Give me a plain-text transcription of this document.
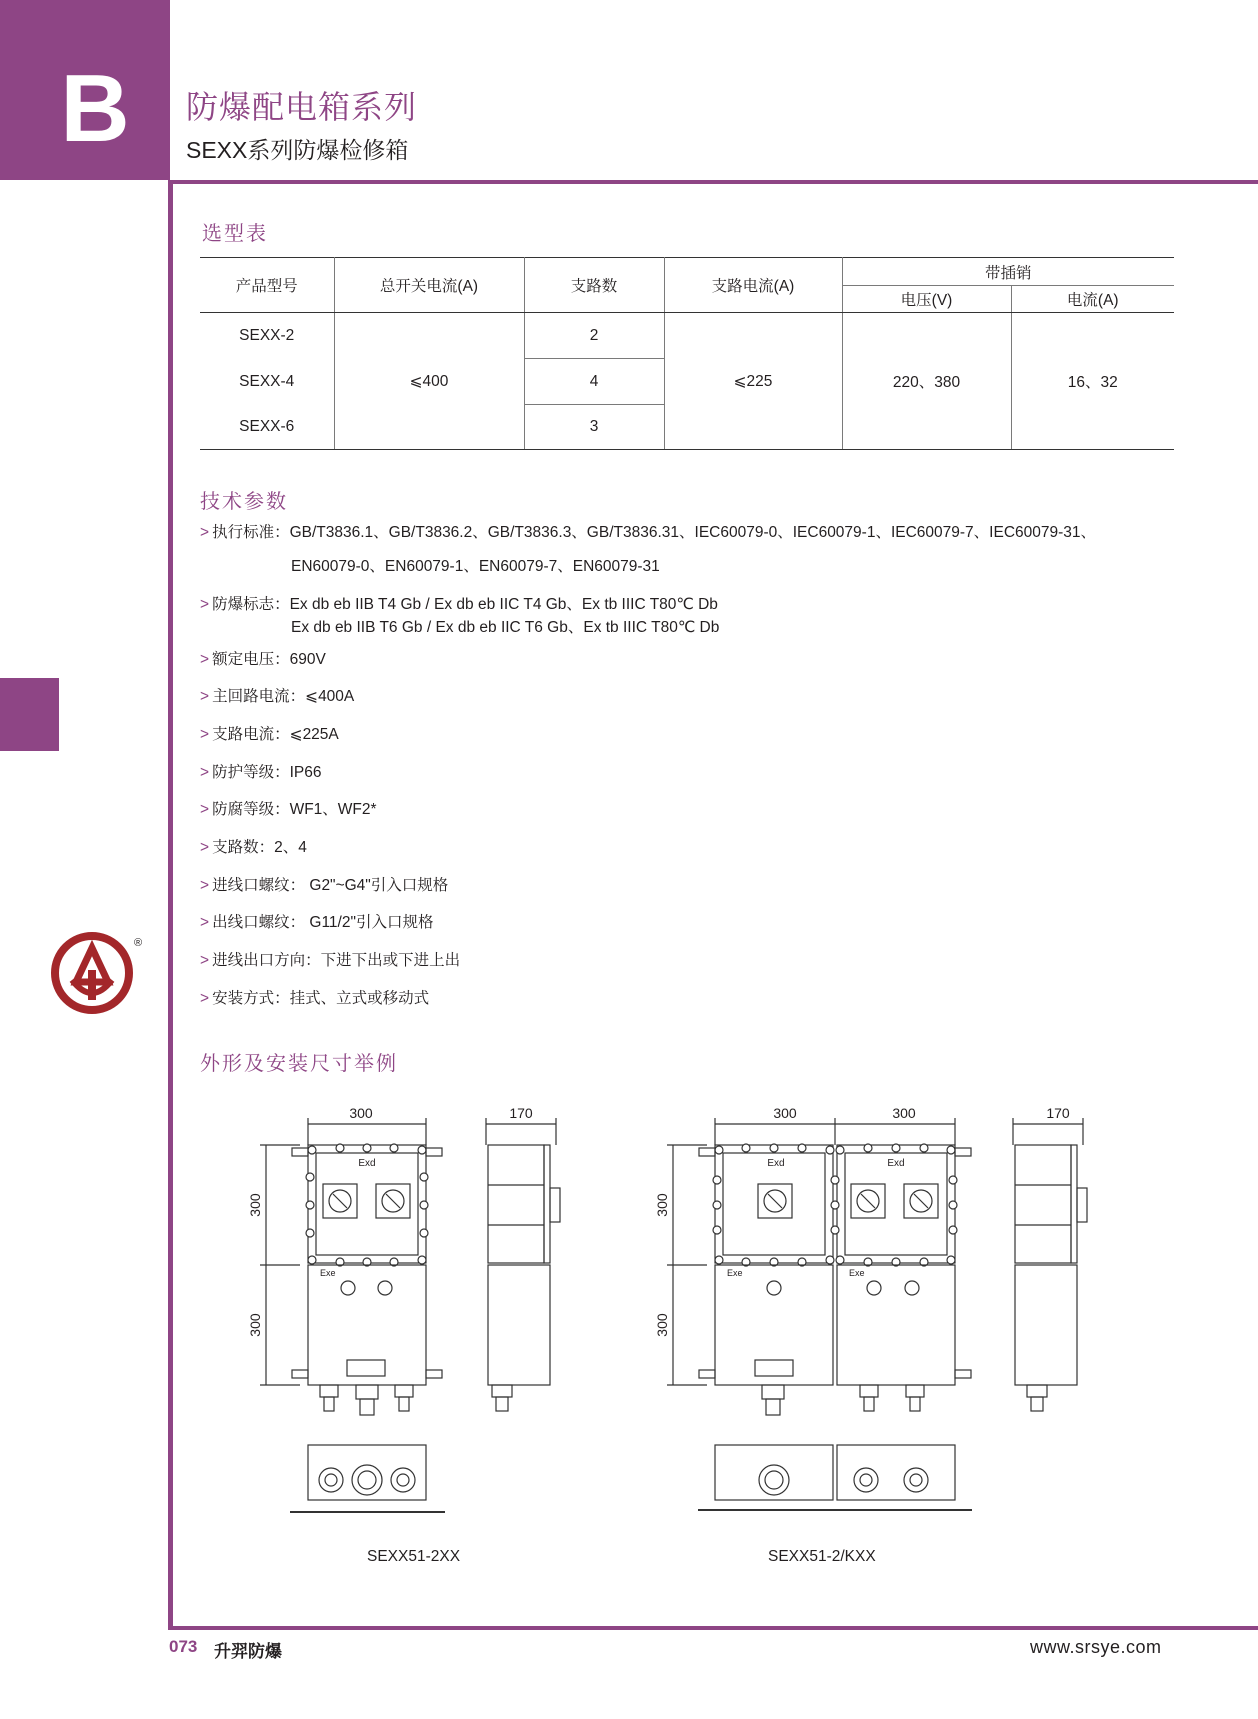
B	防爆配电箱系列
SEXX系列防爆检修箱
®
选型表
产品型号	总开关电流(A)	支路数	支路电流(A)	带插销	
				电压(V)	电流(A)
SEXX-2	⩽400	2	⩽225	220、380	16、32
SEXX-4		4			
SEXX-6		3			
技术参数
> 执行标准：GB/T3836.1、GB/T3836.2、GB/T3836.3、GB/T3836.31、IEC60079-0、IEC60079-1、IEC60079-7、IEC60079-31、
EN60079-0、EN60079-1、EN60079-7、EN60079-31
> 防爆标志：Ex db eb IIB T4 Gb / Ex db eb IIC T4 Gb、Ex tb IIIC T80℃ Db
Ex db eb IIB T6 Gb / Ex db eb IIC T6 Gb、Ex tb IIIC T80℃ Db
> 额定电压：690V
> 主回路电流：⩽400A
> 支路电流：⩽225A
> 防护等级：IP66
> 防腐等级：WF1、WF2*
> 支路数：2、4
> 进线口螺纹： G2"~G4"引入口规格
> 出线口螺纹： G11/2"引入口规格
> 进线出口方向：下进下出或下进上出
> 安装方式：挂式、立式或移动式
外形及安装尺寸举例
300
300
300
Exd
Exe
170	300	300
300
300
Exd	Exd
Exe	Exe
170
SEXX51-2XX	SEXX51-2/KXX
073 升羿防爆	www.srsye.com
